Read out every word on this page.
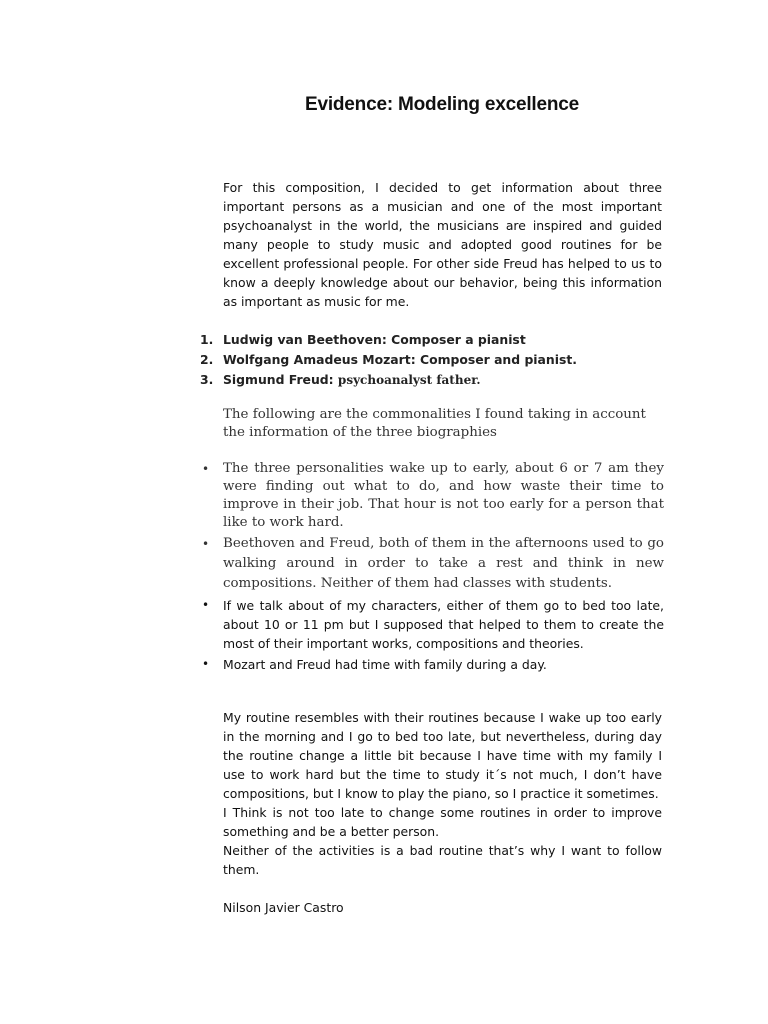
Evidence: Modeling excellence

For this composition, I decided to get information about three important persons as a musician and one of the most important psychoanalyst in the world, the musicians are inspired and guided many people to study music and adopted good routines for be excellent professional people. For other side Freud has helped to us to know a deeply knowledge about our behavior, being this information as important as music for me.

1. Ludwig van Beethoven: Composer a pianist
2. Wolfgang Amadeus Mozart: Composer and pianist.
3. Sigmund Freud: psychoanalyst father.

The following are the commonalities I found taking in account the information of the three biographies

• The three personalities wake up to early, about 6 or 7 am they were finding out what to do, and how waste their time to improve in their job. That hour is not too early for a person that like to work hard.
• Beethoven and Freud, both of them in the afternoons used to go walking around in order to take a rest and think in new compositions. Neither of them had classes with students.
• If we talk about of my characters, either of them go to bed too late, about 10 or 11 pm but I supposed that helped to them to create the most of their important works, compositions and theories.
• Mozart and Freud had time with family during a day.

My routine resembles with their routines because I wake up too early in the morning and I go to bed too late, but nevertheless, during day the routine change a little bit because I have time with my family I use to work hard but the time to study it´s not much, I don’t have compositions, but I know to play the piano, so I practice it sometimes.

I Think is not too late to change some routines in order to improve something and be a better person.

Neither of the activities is a bad routine that’s why I want to follow them.

Nilson Javier Castro
